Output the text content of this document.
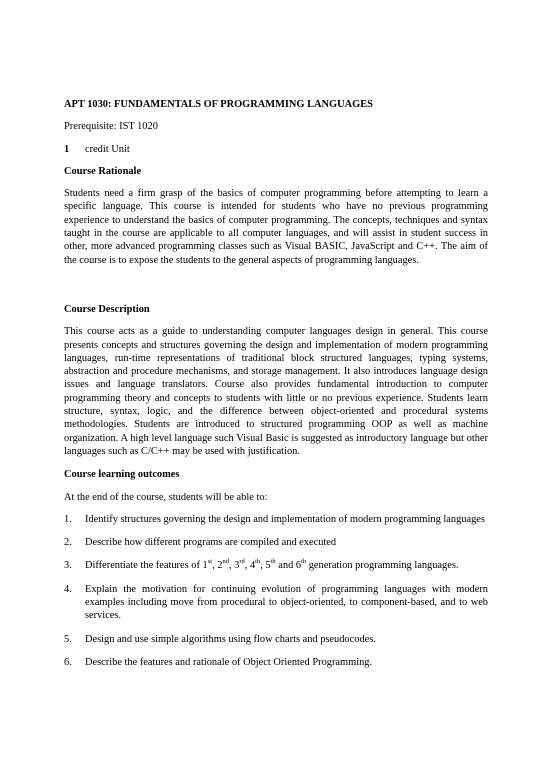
APT 1030: FUNDAMENTALS OF PROGRAMMING LANGUAGES
Prerequisite: IST 1020
1	credit Unit
Course Rationale

Students need a firm grasp of the basics of computer programming before attempting to learn a specific language. This course is intended for students who have no previous programming experience to understand the basics of computer programming. The concepts, techniques and syntax taught in the course are applicable to all computer languages, and will assist in student success in other, more advanced programming classes such as Visual BASIC, JavaScript and C++. The aim of the course is to expose the students to the general aspects of programming languages.

Course Description

This course acts as a guide to understanding computer languages design in general. This course presents concepts and structures governing the design and implementation of modern programming languages, run-time representations of traditional block structured languages, typing systems, abstraction and procedure mechanisms, and storage management. It also introduces language design issues and language translators. Course also provides fundamental introduction to computer programming theory and concepts to students with little or no previous experience. Students learn structure, syntax, logic, and the difference between object-oriented and procedural systems methodologies. Students are introduced to structured programming OOP as well as machine organization. A high level language such Visual Basic is suggested as introductory language but other languages such as C/C++ may be used with justification.

Course learning outcomes
At the end of the course, students will be able to:
1.	Identify structures governing the design and implementation of modern programming languages
2.	Describe how different programs are compiled and executed
3.	Differentiate the features of 1st, 2nd, 3rd, 4th, 5th and 6th generation programming languages.
4.	Explain the motivation for continuing evolution of programming languages with modern examples including move from procedural to object-oriented, to component-based, and to web services.
5.	Design and use simple algorithms using flow charts and pseudocodes.
6.	Describe the features and rationale of Object Oriented Programming.
